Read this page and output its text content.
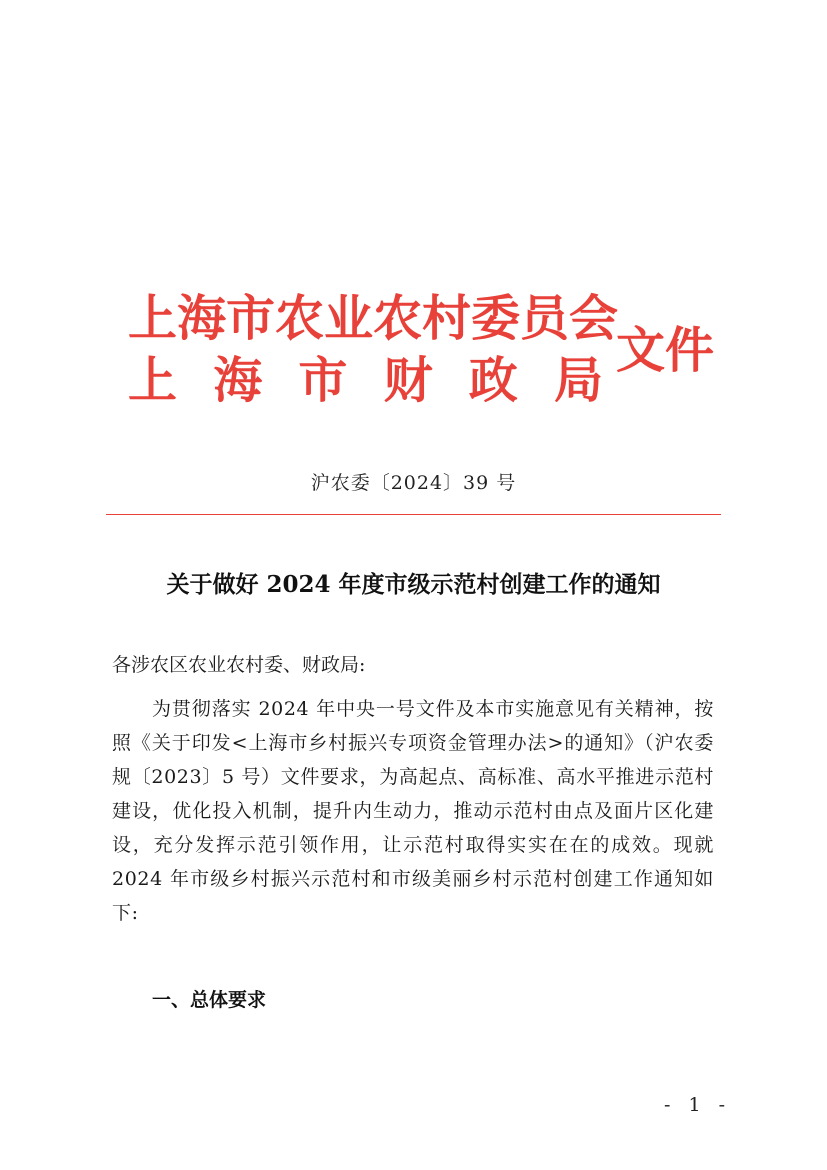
上海市农业农村委员会
上 海 市 财 政 局
文件
沪农委〔2024〕39 号
关于做好 2024 年度市级示范村创建工作的通知
各涉农区农业农村委、财政局:
为贯彻落实 2024 年中央一号文件及本市实施意见有关精神，按照《关于印发<上海市乡村振兴专项资金管理办法>的通知》（沪农委规〔2023〕5 号）文件要求，为高起点、高标准、高水平推进示范村建设，优化投入机制，提升内生动力，推动示范村由点及面片区化建设，充分发挥示范引领作用，让示范村取得实实在在的成效。现就 2024 年市级乡村振兴示范村和市级美丽乡村示范村创建工作通知如下:
一、总体要求
- 1 -
